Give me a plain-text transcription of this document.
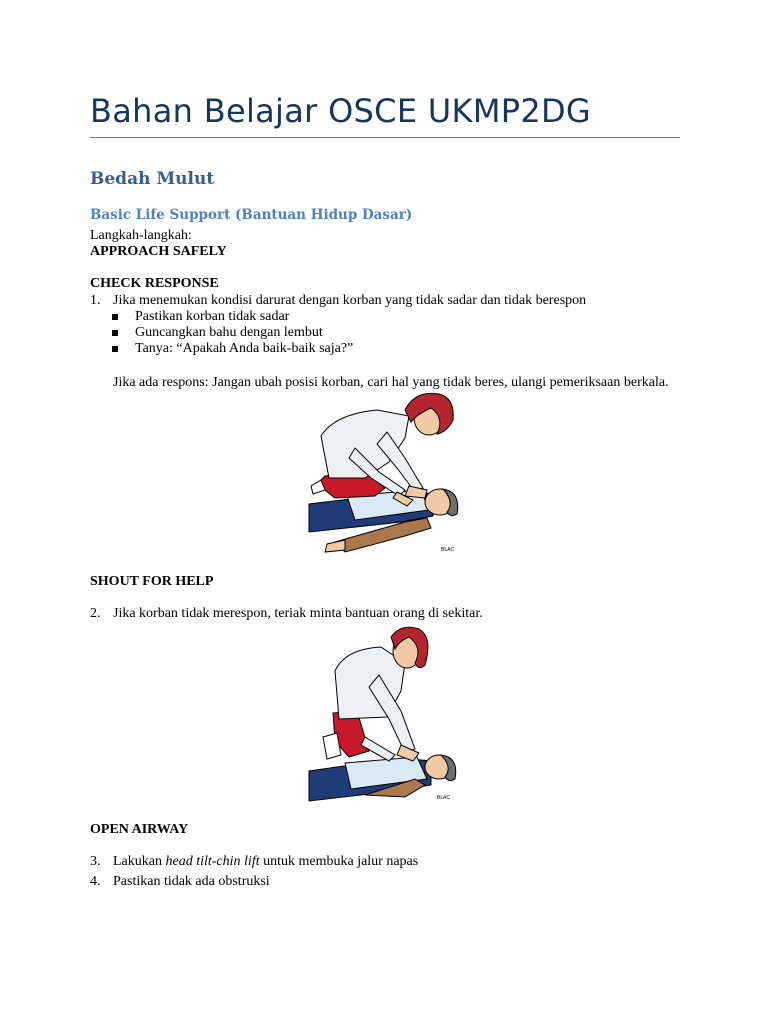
Bahan Belajar OSCE UKMP2DG
Bedah Mulut
Basic Life Support (Bantuan Hidup Dasar)
Langkah-langkah:
APPROACH SAFELY
CHECK RESPONSE
1. Jika menemukan kondisi darurat dengan korban yang tidak sadar dan tidak berespon
Pastikan korban tidak sadar
Guncangkan bahu dengan lembut
Tanya: “Apakah Anda baik-baik saja?”
Jika ada respons: Jangan ubah posisi korban, cari hal yang tidak beres, ulangi pemeriksaan berkala.
BLAC
SHOUT FOR HELP
2. Jika korban tidak merespon, teriak minta bantuan orang di sekitar.
BLAC
OPEN AIRWAY
3. Lakukan head tilt-chin lift untuk membuka jalur napas
4. Pastikan tidak ada obstruksi
